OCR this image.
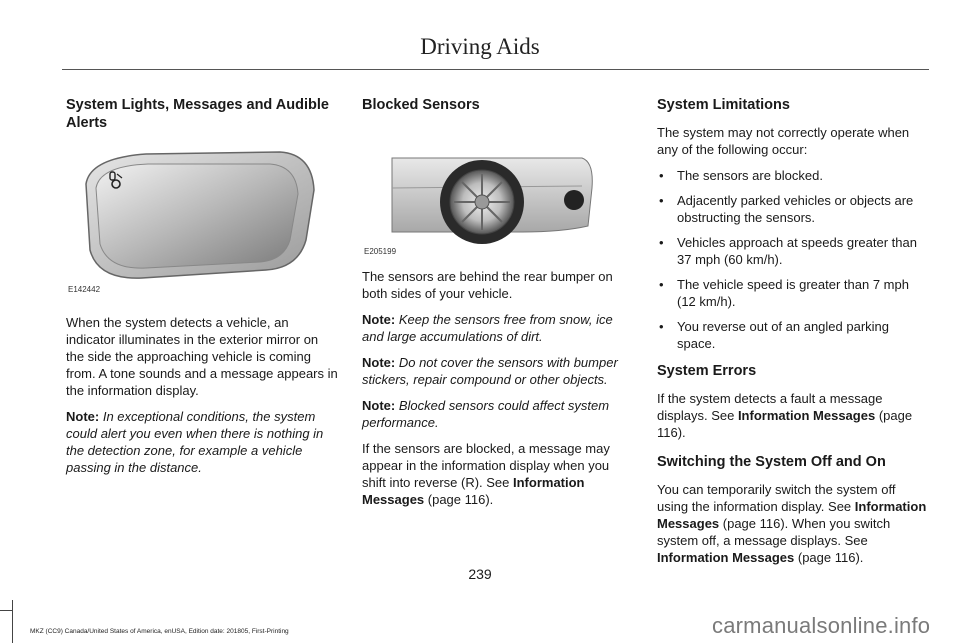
Driving Aids
System Lights, Messages and Audible Alerts
E142442

When the system detects a vehicle, an indicator illuminates in the exterior mirror on the side the approaching vehicle is coming from. A tone sounds and a message appears in the information display.

Note: In exceptional conditions, the system could alert you even when there is nothing in the detection zone, for example a vehicle passing in the distance.

Blocked Sensors
E205199

The sensors are behind the rear bumper on both sides of your vehicle.

Note: Keep the sensors free from snow, ice and large accumulations of dirt.

Note: Do not cover the sensors with bumper stickers, repair compound or other objects.

Note: Blocked sensors could affect system performance.

If the sensors are blocked, a message may appear in the information display when you shift into reverse (R). See Information Messages (page 116).

System Limitations

The system may not correctly operate when any of the following occur:

• The sensors are blocked.
• Adjacently parked vehicles or objects are obstructing the sensors.
• Vehicles approach at speeds greater than 37 mph (60 km/h).
• The vehicle speed is greater than 7 mph (12 km/h).
• You reverse out of an angled parking space.
System Errors

If the system detects a fault a message displays. See Information Messages (page 116).

Switching the System Off and On

You can temporarily switch the system off using the information display. See Information Messages (page 116). When you switch system off, a message displays. See Information Messages (page 116).

239
MKZ (CC9) Canada/United States of America, enUSA, Edition date: 201805, First-Printing	carmanualsonline.info
